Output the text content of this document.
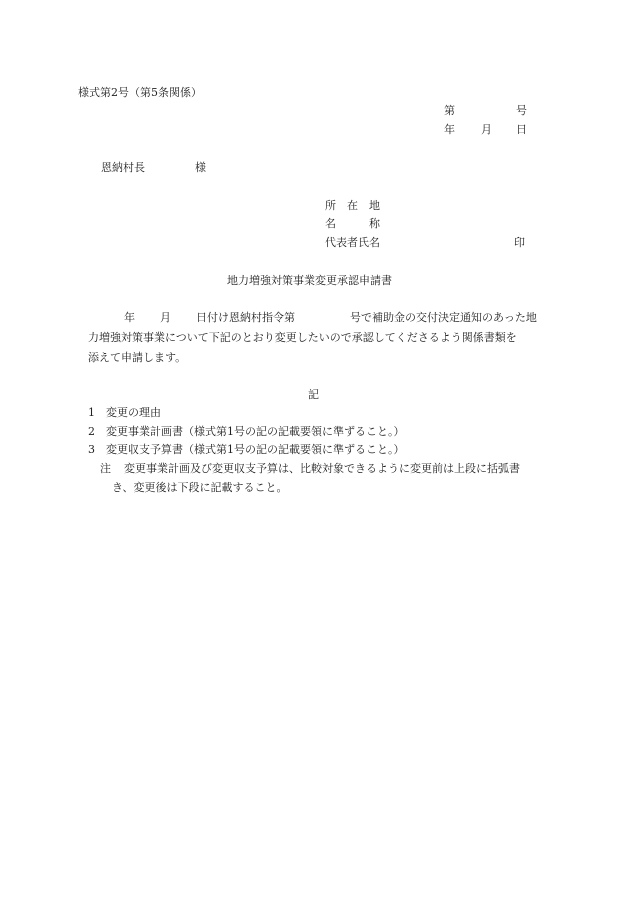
様式第2号（第5条関係）
第	号
年 月 日
恩納村長	様
所　在　地
名　　　称
代表者氏名	印
地力増強対策事業変更承認申請書
年 月 日付け恩納村指令第	号で補助金の交付決定通知のあった地
力増強対策事業について下記のとおり変更したいので承認してくださるよう関係書類を
添えて申請します。
記
1 変更の理由
2 変更事業計画書（様式第1号の記の記載要領に準ずること。）
3 変更収支予算書（様式第1号の記の記載要領に準ずること。）
注 変更事業計画及び変更収支予算は、比較対象できるように変更前は上段に括弧書
き、変更後は下段に記載すること。
